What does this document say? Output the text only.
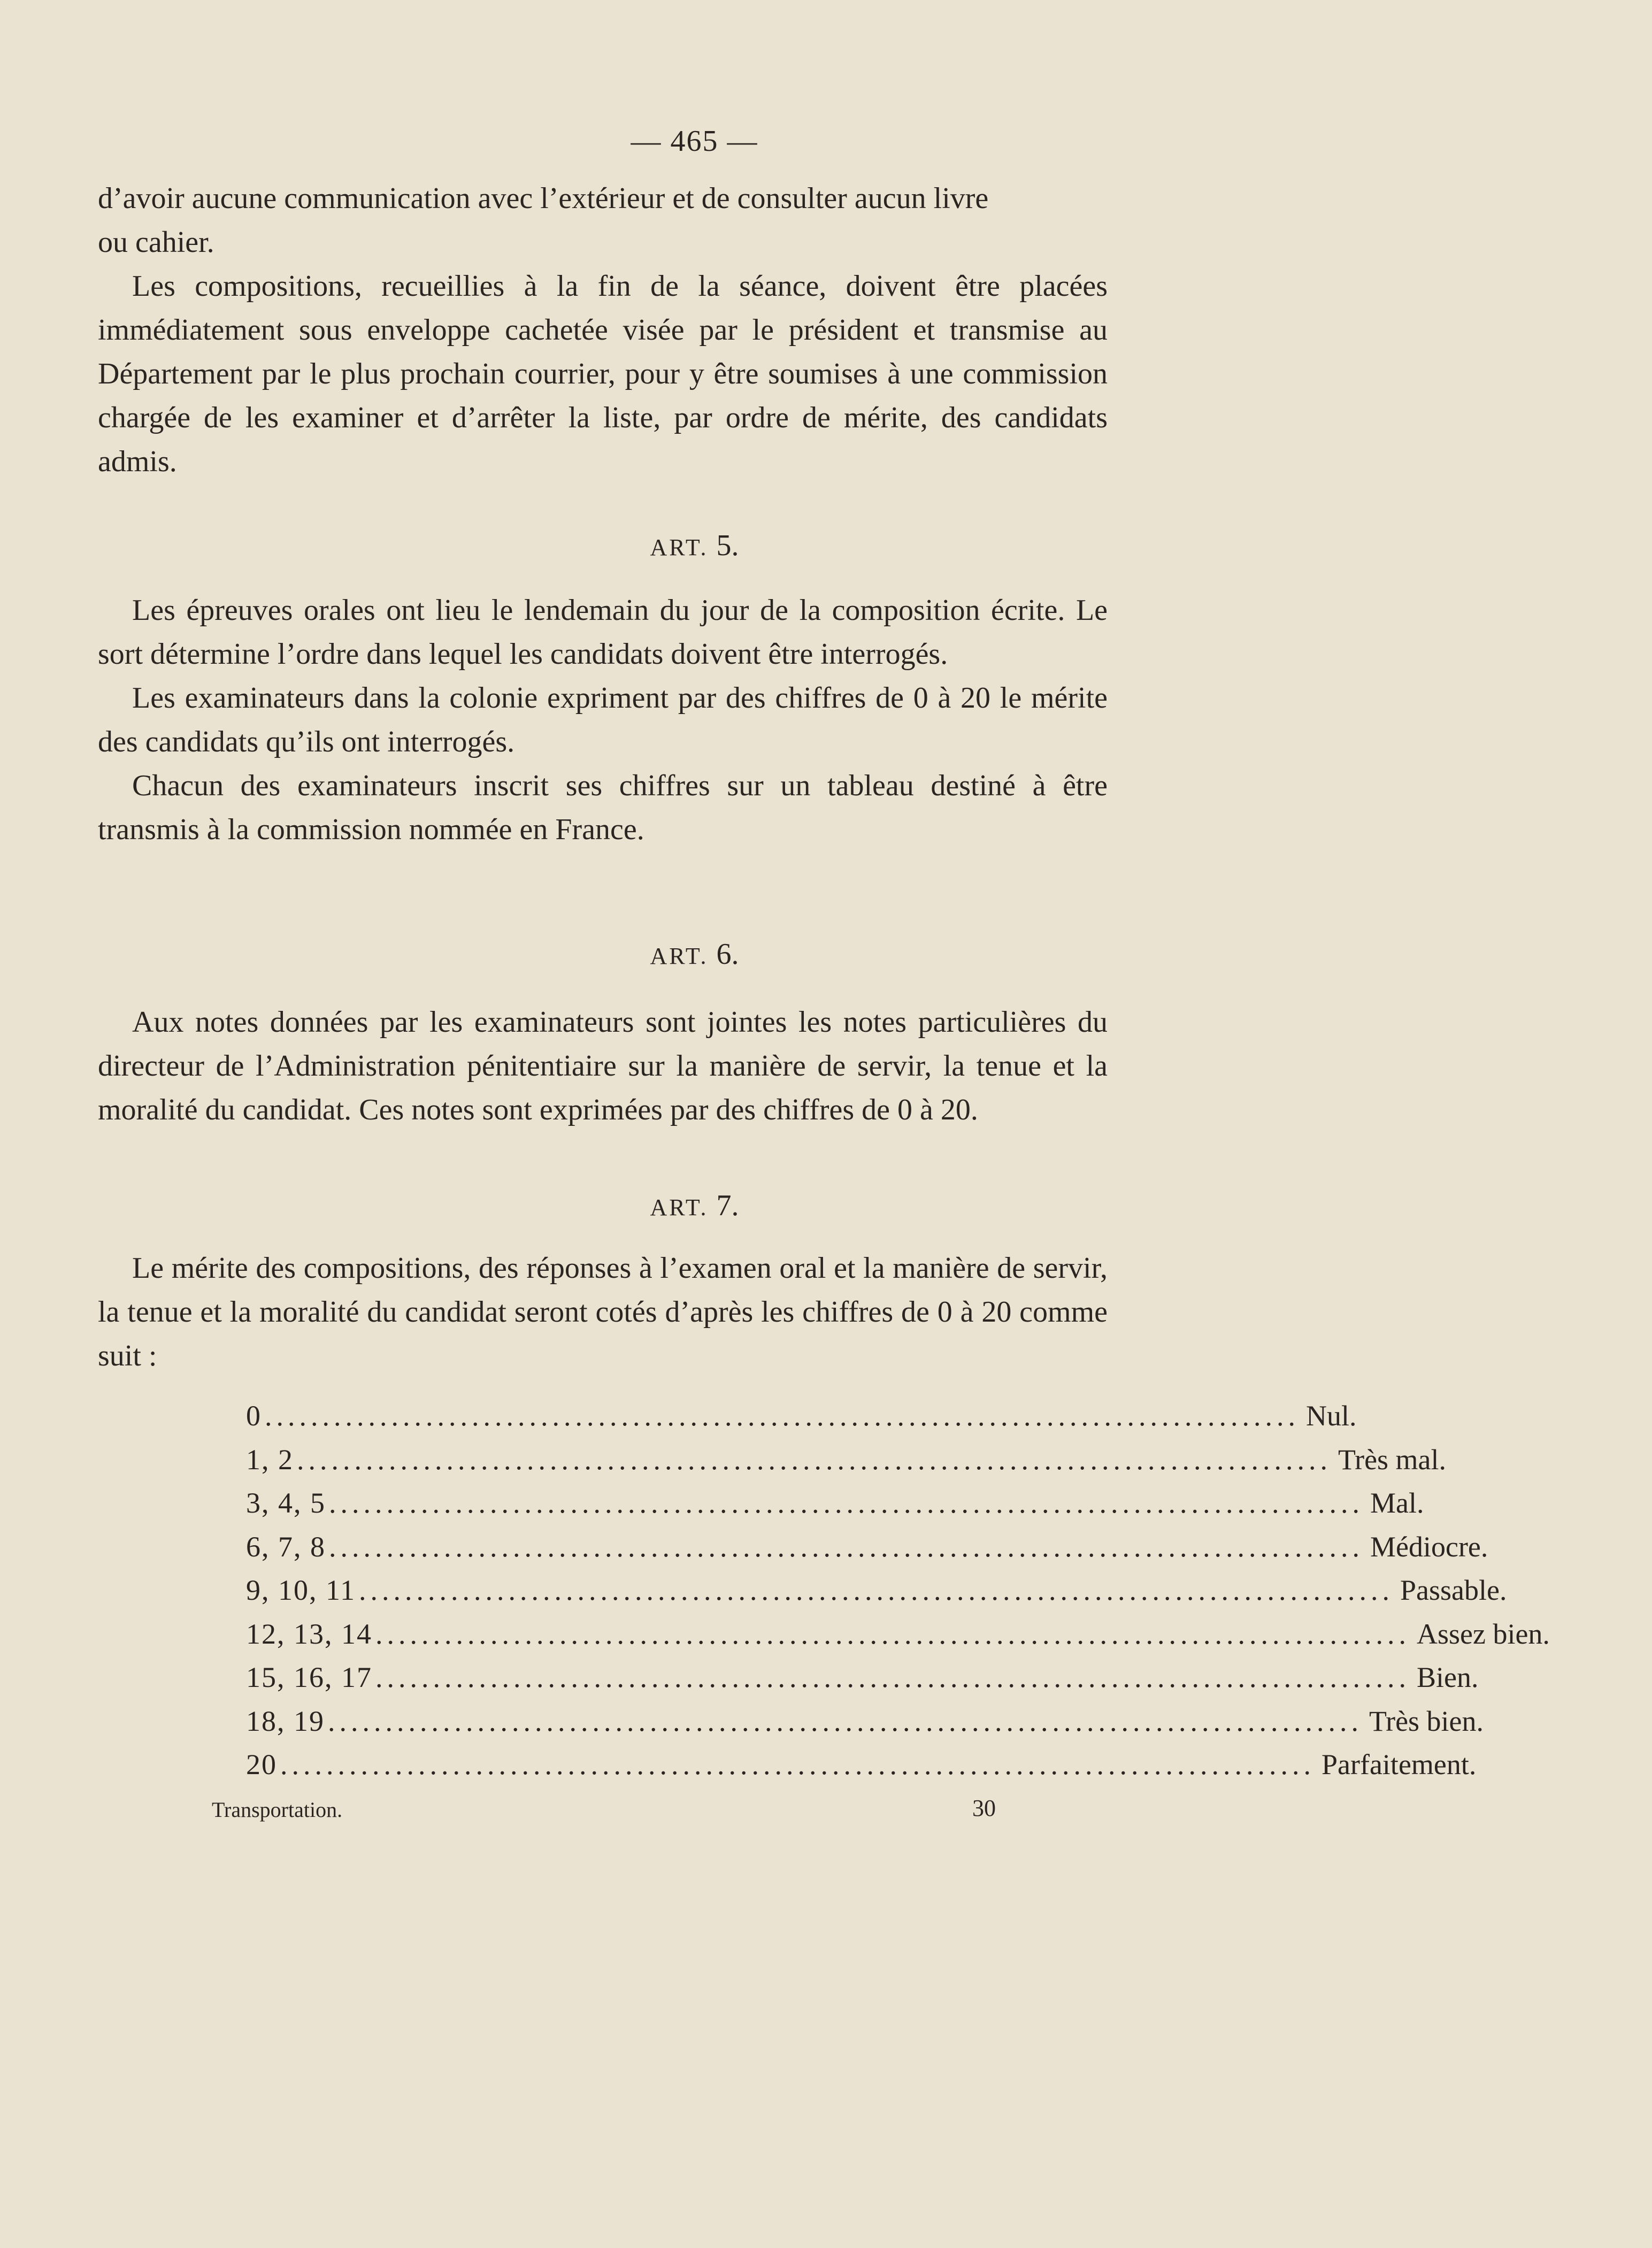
— 465 —

d’avoir aucune communication avec l’extérieur et de consulter aucun livre

ou cahier.

Les compositions, recueillies à la fin de la séance, doivent être placées immédiatement sous enveloppe cachetée visée par le président et transmise au Département par le plus prochain courrier, pour y être soumises à une commission chargée de les examiner et d’arrêter la liste, par ordre de mérite, des candidats admis.

ART. 5.

Les épreuves orales ont lieu le lendemain du jour de la composition écrite. Le sort détermine l’ordre dans lequel les candidats doivent être interrogés.

Les examinateurs dans la colonie expriment par des chiffres de 0 à 20 le mérite des candidats qu’ils ont interrogés.

Chacun des examinateurs inscrit ses chiffres sur un tableau destiné à être transmis à la commission nommée en France.

ART. 6.

Aux notes données par les examinateurs sont jointes les notes particulières du directeur de l’Administration pénitentiaire sur la manière de servir, la tenue et la moralité du candidat. Ces notes sont exprimées par des chiffres de 0 à 20.

ART. 7.

Le mérite des compositions, des réponses à l’examen oral et la manière de servir, la tenue et la moralité du candidat seront cotés d’après les chiffres de 0 à 20 comme suit :

0 .......................................................................................... Nul.
1, 2 .......................................................................................... Très mal.
3, 4, 5 .......................................................................................... Mal.
6, 7, 8 .......................................................................................... Médiocre.
9, 10, 11 .......................................................................................... Passable.
12, 13, 14 .......................................................................................... Assez bien.
15, 16, 17 .......................................................................................... Bien.
18, 19 .......................................................................................... Très bien.
20 .......................................................................................... Parfaitement.
Transportation.	30
